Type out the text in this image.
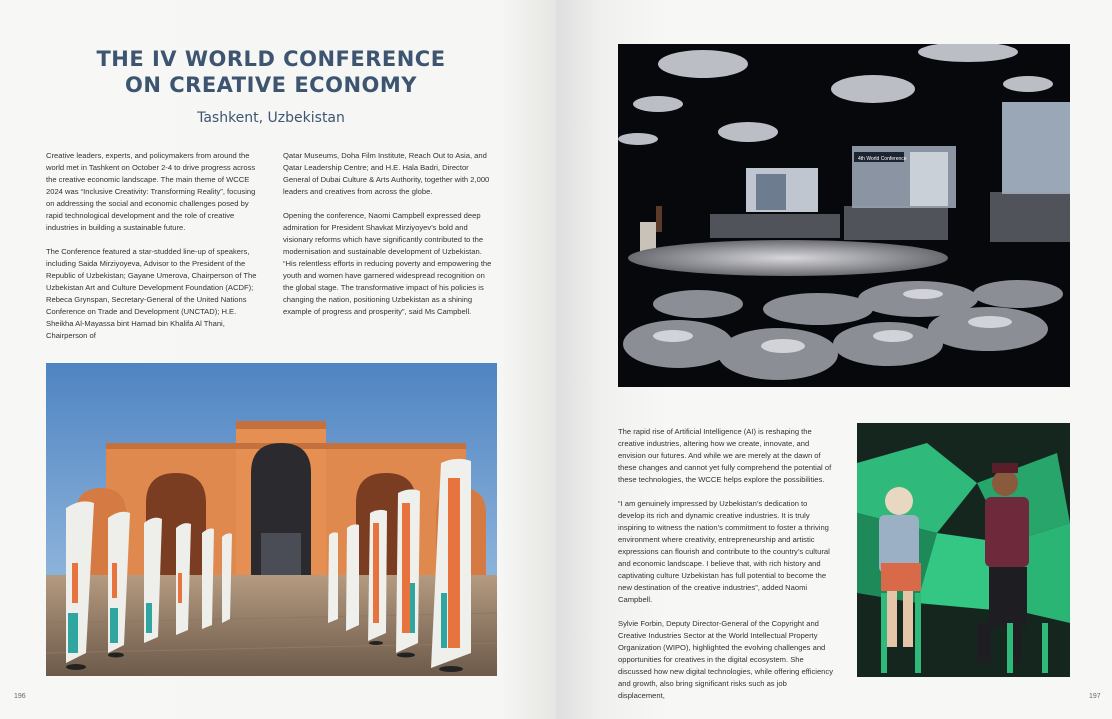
THE IV WORLD CONFERENCE
ON CREATIVE ECONOMY
Tashkent, Uzbekistan

Creative leaders, experts, and policymakers from around the world met in Tashkent on October 2-4 to drive progress across the creative economic landscape. The main theme of WCCE 2024 was “Inclusive Creativity: Transforming Reality”, focusing on addressing the social and economic challenges posed by rapid technological development and the role of creative industries in building a sustainable future.

The Conference featured a star-studded line-up of speakers, including Saida Mirziyoyeva, Advisor to the President of the Republic of Uzbekistan; Gayane Umerova, Chairperson of The Uzbekistan Art and Culture Development Foundation (ACDF); Rebeca Grynspan, Secretary-General of the United Nations Conference on Trade and Development (UNCTAD); H.E. Sheikha Al-Mayassa bint Hamad bin Khalifa Al Thani, Chairperson of

Qatar Museums, Doha Film Institute, Reach Out to Asia, and Qatar Leadership Centre; and H.E. Hala Badri, Director General of Dubai Culture & Arts Authority, together with 2,000 leaders and creatives from across the globe.

Opening the conference, Naomi Campbell expressed deep admiration for President Shavkat Mirziyoyev’s bold and visionary reforms which have significantly contributed to the modernisation and sustainable development of Uzbekistan. “His relentless efforts in reducing poverty and empowering the youth and women have garnered widespread recognition on the global stage. The transformative impact of his policies is changing the nation, positioning Uzbekistan as a shining example of progress and prosperity”, said Ms Campbell.

196	197
4th World Conference

The rapid rise of Artificial Intelligence (AI) is reshaping the creative industries, altering how we create, innovate, and envision our futures. And while we are merely at the dawn of these changes and cannot yet fully comprehend the potential of these technologies, the WCCE helps explore the possibilities.

“I am genuinely impressed by Uzbekistan’s dedication to develop its rich and dynamic creative industries. It is truly inspiring to witness the nation’s commitment to foster a thriving environment where creativity, entrepreneurship and artistic expressions can flourish and contribute to the country’s cultural and economic landscape. I believe that, with rich history and captivating culture Uzbekistan has full potential to become the new destination of the creative industries”, added Naomi Campbell.

Sylvie Forbin, Deputy Director-General of the Copyright and Creative Industries Sector at the World Intellectual Property Organization (WIPO), highlighted the evolving challenges and opportunities for creatives in the digital ecosystem. She discussed how new digital technologies, while offering efficiency and growth, also bring significant risks such as job displacement,
